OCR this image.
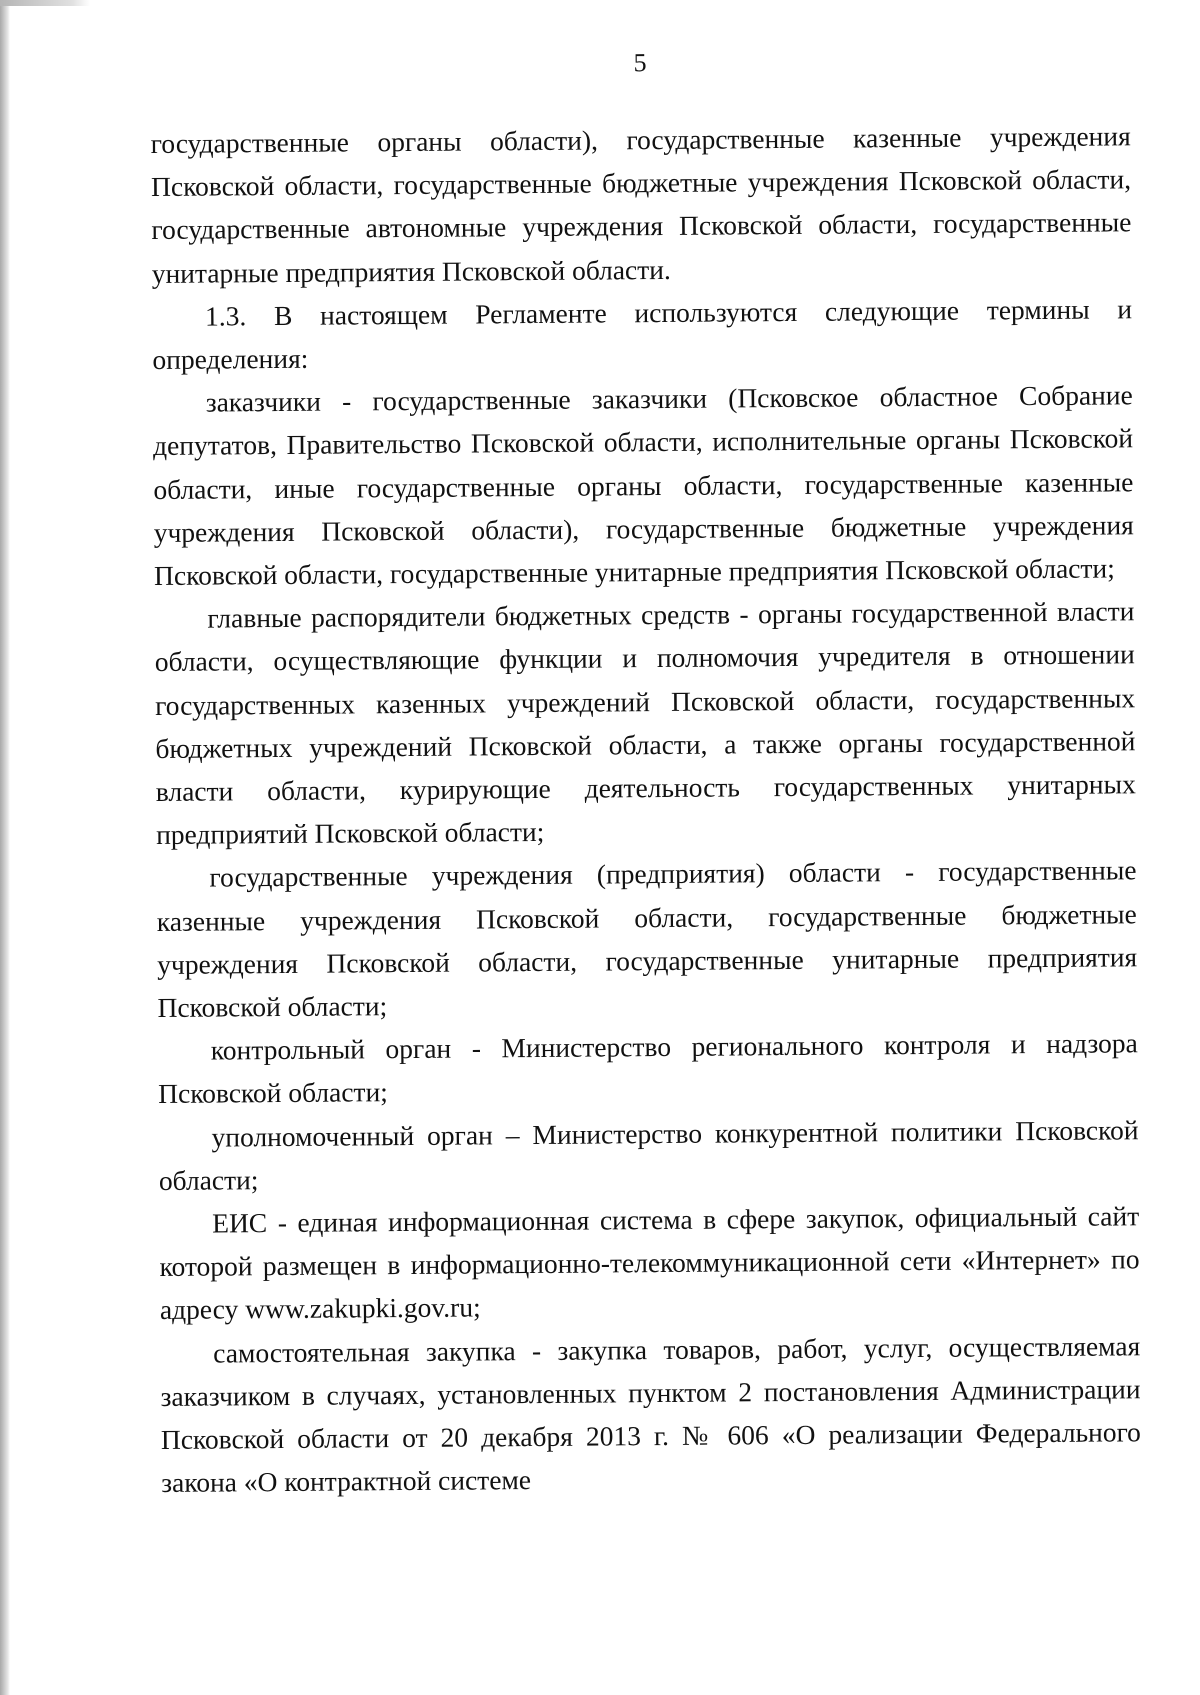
5

государственные органы области), государственные казенные учреждения Псковской области, государственные бюджетные учреждения Псковской области, государственные автономные учреждения Псковской области, государственные унитарные предприятия Псковской области.

1.3. В настоящем Регламенте используются следующие термины и определения:

заказчики - государственные заказчики (Псковское областное Собрание депутатов, Правительство Псковской области, исполнительные органы Псковской области, иные государственные органы области, государственные казенные учреждения Псковской области), государственные бюджетные учреждения Псковской области, государственные унитарные предприятия Псковской области;

главные распорядители бюджетных средств - органы государственной власти области, осуществляющие функции и полномочия учредителя в отношении государственных казенных учреждений Псковской области, государственных бюджетных учреждений Псковской области, а также органы государственной власти области, курирующие деятельность государственных унитарных предприятий Псковской области;

государственные учреждения (предприятия) области - государственные казенные учреждения Псковской области, государственные бюджетные учреждения Псковской области, государственные унитарные предприятия Псковской области;

контрольный орган - Министерство регионального контроля и надзора Псковской области;

уполномоченный орган – Министерство конкурентной политики Псковской области;

ЕИС - единая информационная система в сфере закупок, официальный сайт которой размещен в информационно-телекоммуникационной сети «Интернет» по адресу www.zakupki.gov.ru;

самостоятельная закупка - закупка товаров, работ, услуг, осуществляемая заказчиком в случаях, установленных пунктом 2 постановления Администрации Псковской области от 20 декабря 2013 г. № 606 «О реализации Федерального закона «О контрактной системе
